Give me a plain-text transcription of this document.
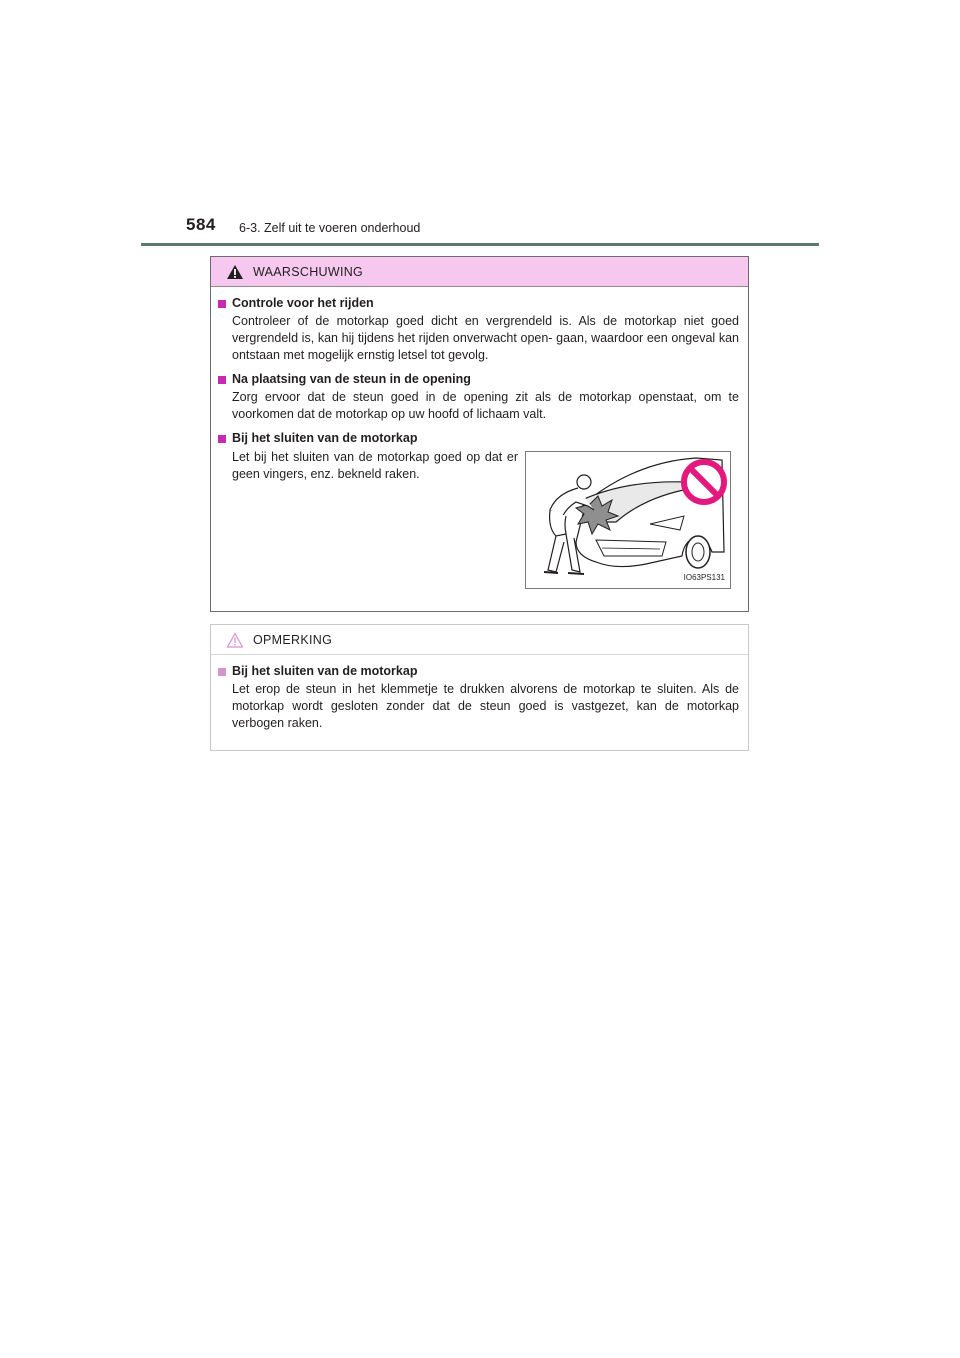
584 6-3. Zelf uit te voeren onderhoud
WAARSCHUWING
Controle voor het rijden
Controleer of de motorkap goed dicht en vergrendeld is. Als de motorkap niet goed vergrendeld is, kan hij tijdens het rijden onverwacht open- gaan, waardoor een ongeval kan ontstaan met mogelijk ernstig letsel tot gevolg.
Na plaatsing van de steun in de opening
Zorg ervoor dat de steun goed in de opening zit als de motorkap openstaat, om te voorkomen dat de motorkap op uw hoofd of lichaam valt.
Bij het sluiten van de motorkap
Let bij het sluiten van de motorkap goed op dat er geen vingers, enz. bekneld raken.
IO63PS131
OPMERKING
Bij het sluiten van de motorkap
Let erop de steun in het klemmetje te drukken alvorens de motorkap te sluiten. Als de motorkap wordt gesloten zonder dat de steun goed is vastgezet, kan de motorkap verbogen raken.
